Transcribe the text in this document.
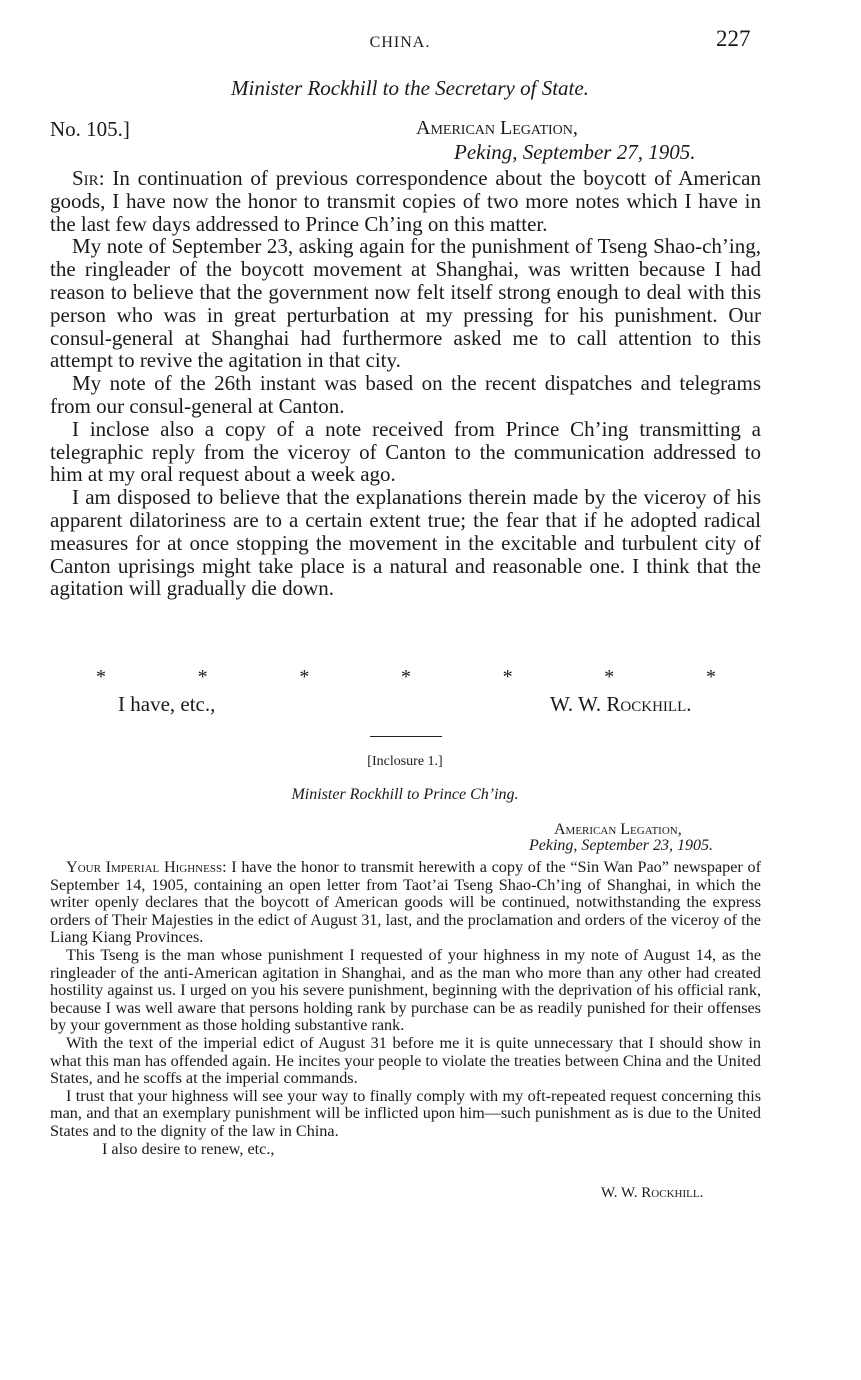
CHINA.	227
Minister Rockhill to the Secretary of State.
No. 105.]	American Legation,
Peking, September 27, 1905.

Sir: In continuation of previous correspondence about the boycott of American goods, I have now the honor to transmit copies of two more notes which I have in the last few days addressed to Prince Ch’ing on this matter.

My note of September 23, asking again for the punishment of Tseng Shao-ch’ing, the ringleader of the boycott movement at Shanghai, was written because I had reason to believe that the government now felt itself strong enough to deal with this person who was in great perturbation at my pressing for his punishment. Our consul-general at Shanghai had furthermore asked me to call attention to this attempt to revive the agitation in that city.

My note of the 26th instant was based on the recent dispatches and telegrams from our consul-general at Canton.

I inclose also a copy of a note received from Prince Ch’ing transmitting a telegraphic reply from the viceroy of Canton to the communication addressed to him at my oral request about a week ago.

I am disposed to believe that the explanations therein made by the viceroy of his apparent dilatoriness are to a certain extent true; the fear that if he adopted radical measures for at once stopping the movement in the excitable and turbulent city of Canton uprisings might take place is a natural and reasonable one. I think that the agitation will gradually die down.

*	*	*	*	*	*	*
I have, etc.,	W. W. Rockhill.
[Inclosure 1.]
Minister Rockhill to Prince Ch’ing.
American Legation,
Peking, September 23, 1905.

Your Imperial Highness: I have the honor to transmit herewith a copy of the “Sin Wan Pao” newspaper of September 14, 1905, containing an open letter from Taot’ai Tseng Shao-Ch’ing of Shanghai, in which the writer openly declares that the boycott of American goods will be continued, notwithstanding the express orders of Their Majesties in the edict of August 31, last, and the proclamation and orders of the viceroy of the Liang Kiang Provinces.

This Tseng is the man whose punishment I requested of your highness in my note of August 14, as the ringleader of the anti-American agitation in Shanghai, and as the man who more than any other had created hostility against us. I urged on you his severe punishment, beginning with the deprivation of his official rank, because I was well aware that persons holding rank by purchase can be as readily punished for their offenses by your government as those holding substantive rank.

With the text of the imperial edict of August 31 before me it is quite unnecessary that I should show in what this man has offended again. He incites your people to violate the treaties between China and the United States, and he scoffs at the imperial commands.

I trust that your highness will see your way to finally comply with my oft-repeated request concerning this man, and that an exemplary punishment will be inflicted upon him—such punishment as is due to the United States and to the dignity of the law in China.

I also desire to renew, etc.,

W. W. Rockhill.
